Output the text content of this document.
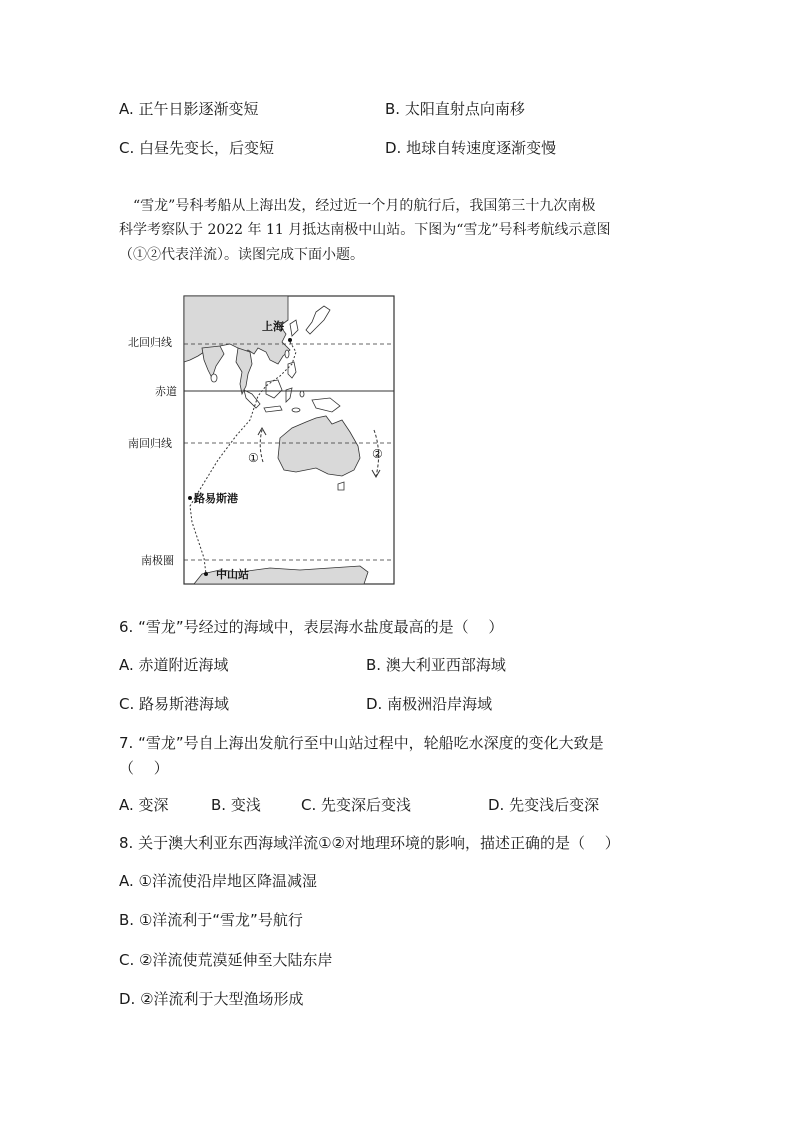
A. 正午日影逐渐变短	B. 太阳直射点向南移
C. 白昼先变长，后变短	D. 地球自转速度逐渐变慢
“雪龙”号科考船从上海出发，经过近一个月的航行后，我国第三十九次南极
科学考察队于 2022 年 11 月抵达南极中山站。下图为“雪龙”号科考航线示意图
（①②代表洋流）。读图完成下面小题。
北回归线
赤道
南回归线
南极圈
上海
路易斯港
中山站
①	②
6. “雪龙”号经过的海域中，表层海水盐度最高的是（　 ）
A. 赤道附近海域	B. 澳大利亚西部海域
C. 路易斯港海域	D. 南极洲沿岸海域
7. “雪龙”号自上海出发航行至中山站过程中，轮船吃水深度的变化大致是
（　 ）
A. 变深	B. 变浅	C. 先变深后变浅	D. 先变浅后变深
8. 关于澳大利亚东西海域洋流①②对地理环境的影响，描述正确的是（　 ）
A. ①洋流使沿岸地区降温减湿
B. ①洋流利于“雪龙”号航行
C. ②洋流使荒漠延伸至大陆东岸
D. ②洋流利于大型渔场形成
